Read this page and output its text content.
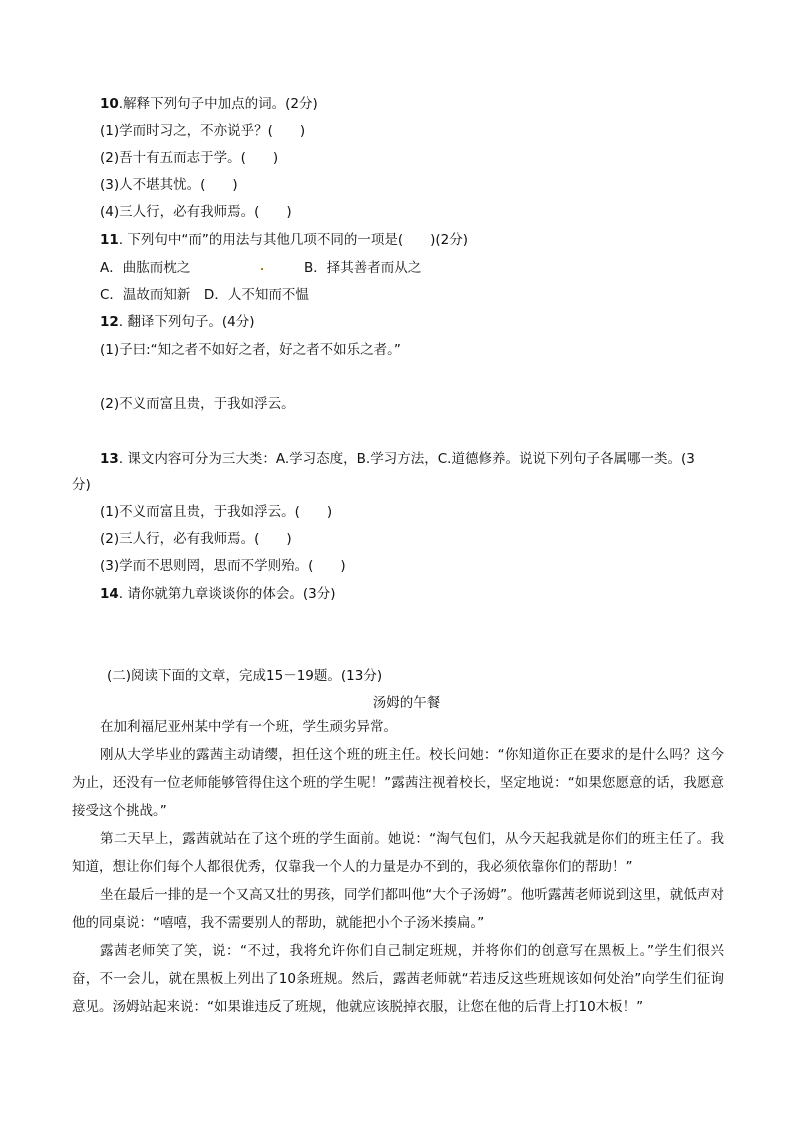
10.解释下列句子中加点的词。(2分)
(1)学而时习之，不亦说乎？(　　)
(2)吾十有五而志于学。(　　)
(3)人不堪其忧。(　　)
(4)三人行，必有我师焉。(　　)
11. 下列句中“而”的用法与其他几项不同的一项是(　　)(2分)
A．曲肱而枕之	B．择其善者而从之
C．温故而知新　D．人不知而不愠
12. 翻译下列句子。(4分)
(1)子曰:“知之者不如好之者，好之者不如乐之者。”
(2)不义而富且贵，于我如浮云。
13. 课文内容可分为三大类：A.学习态度，B.学习方法，C.道德修养。说说下列句子各属哪一类。(3
分)
(1)不义而富且贵，于我如浮云。(　　)
(2)三人行，必有我师焉。(　　)
(3)学而不思则罔，思而不学则殆。(　　)
14. 请你就第九章谈谈你的体会。(3分)
(二)阅读下面的文章，完成15－19题。(13分)
汤姆的午餐
在加利福尼亚州某中学有一个班，学生顽劣异常。
刚从大学毕业的露茜主动请缨，担任这个班的班主任。校长问她：“你知道你正在要求的是什么吗？这今为止，还没有一位老师能够管得住这个班的学生呢！”露茜注视着校长，坚定地说：“如果您愿意的话，我愿意接受这个挑战。”
第二天早上，露茜就站在了这个班的学生面前。她说：“淘气包们，从今天起我就是你们的班主任了。我知道，想让你们每个人都很优秀，仅靠我一个人的力量是办不到的，我必须依靠你们的帮助！”
坐在最后一排的是一个又高又壮的男孩，同学们都叫他“大个子汤姆”。他听露茜老师说到这里，就低声对他的同桌说：“嘻嘻，我不需要别人的帮助，就能把小个子汤米揍扁。”
露茜老师笑了笑，说：“不过，我将允许你们自己制定班规，并将你们的创意写在黑板上。”学生们很兴奋，不一会儿，就在黑板上列出了10条班规。然后，露茜老师就“若违反这些班规该如何处治”向学生们征询意见。汤姆站起来说：“如果谁违反了班规，他就应该脱掉衣服，让您在他的后背上打10木板！”
